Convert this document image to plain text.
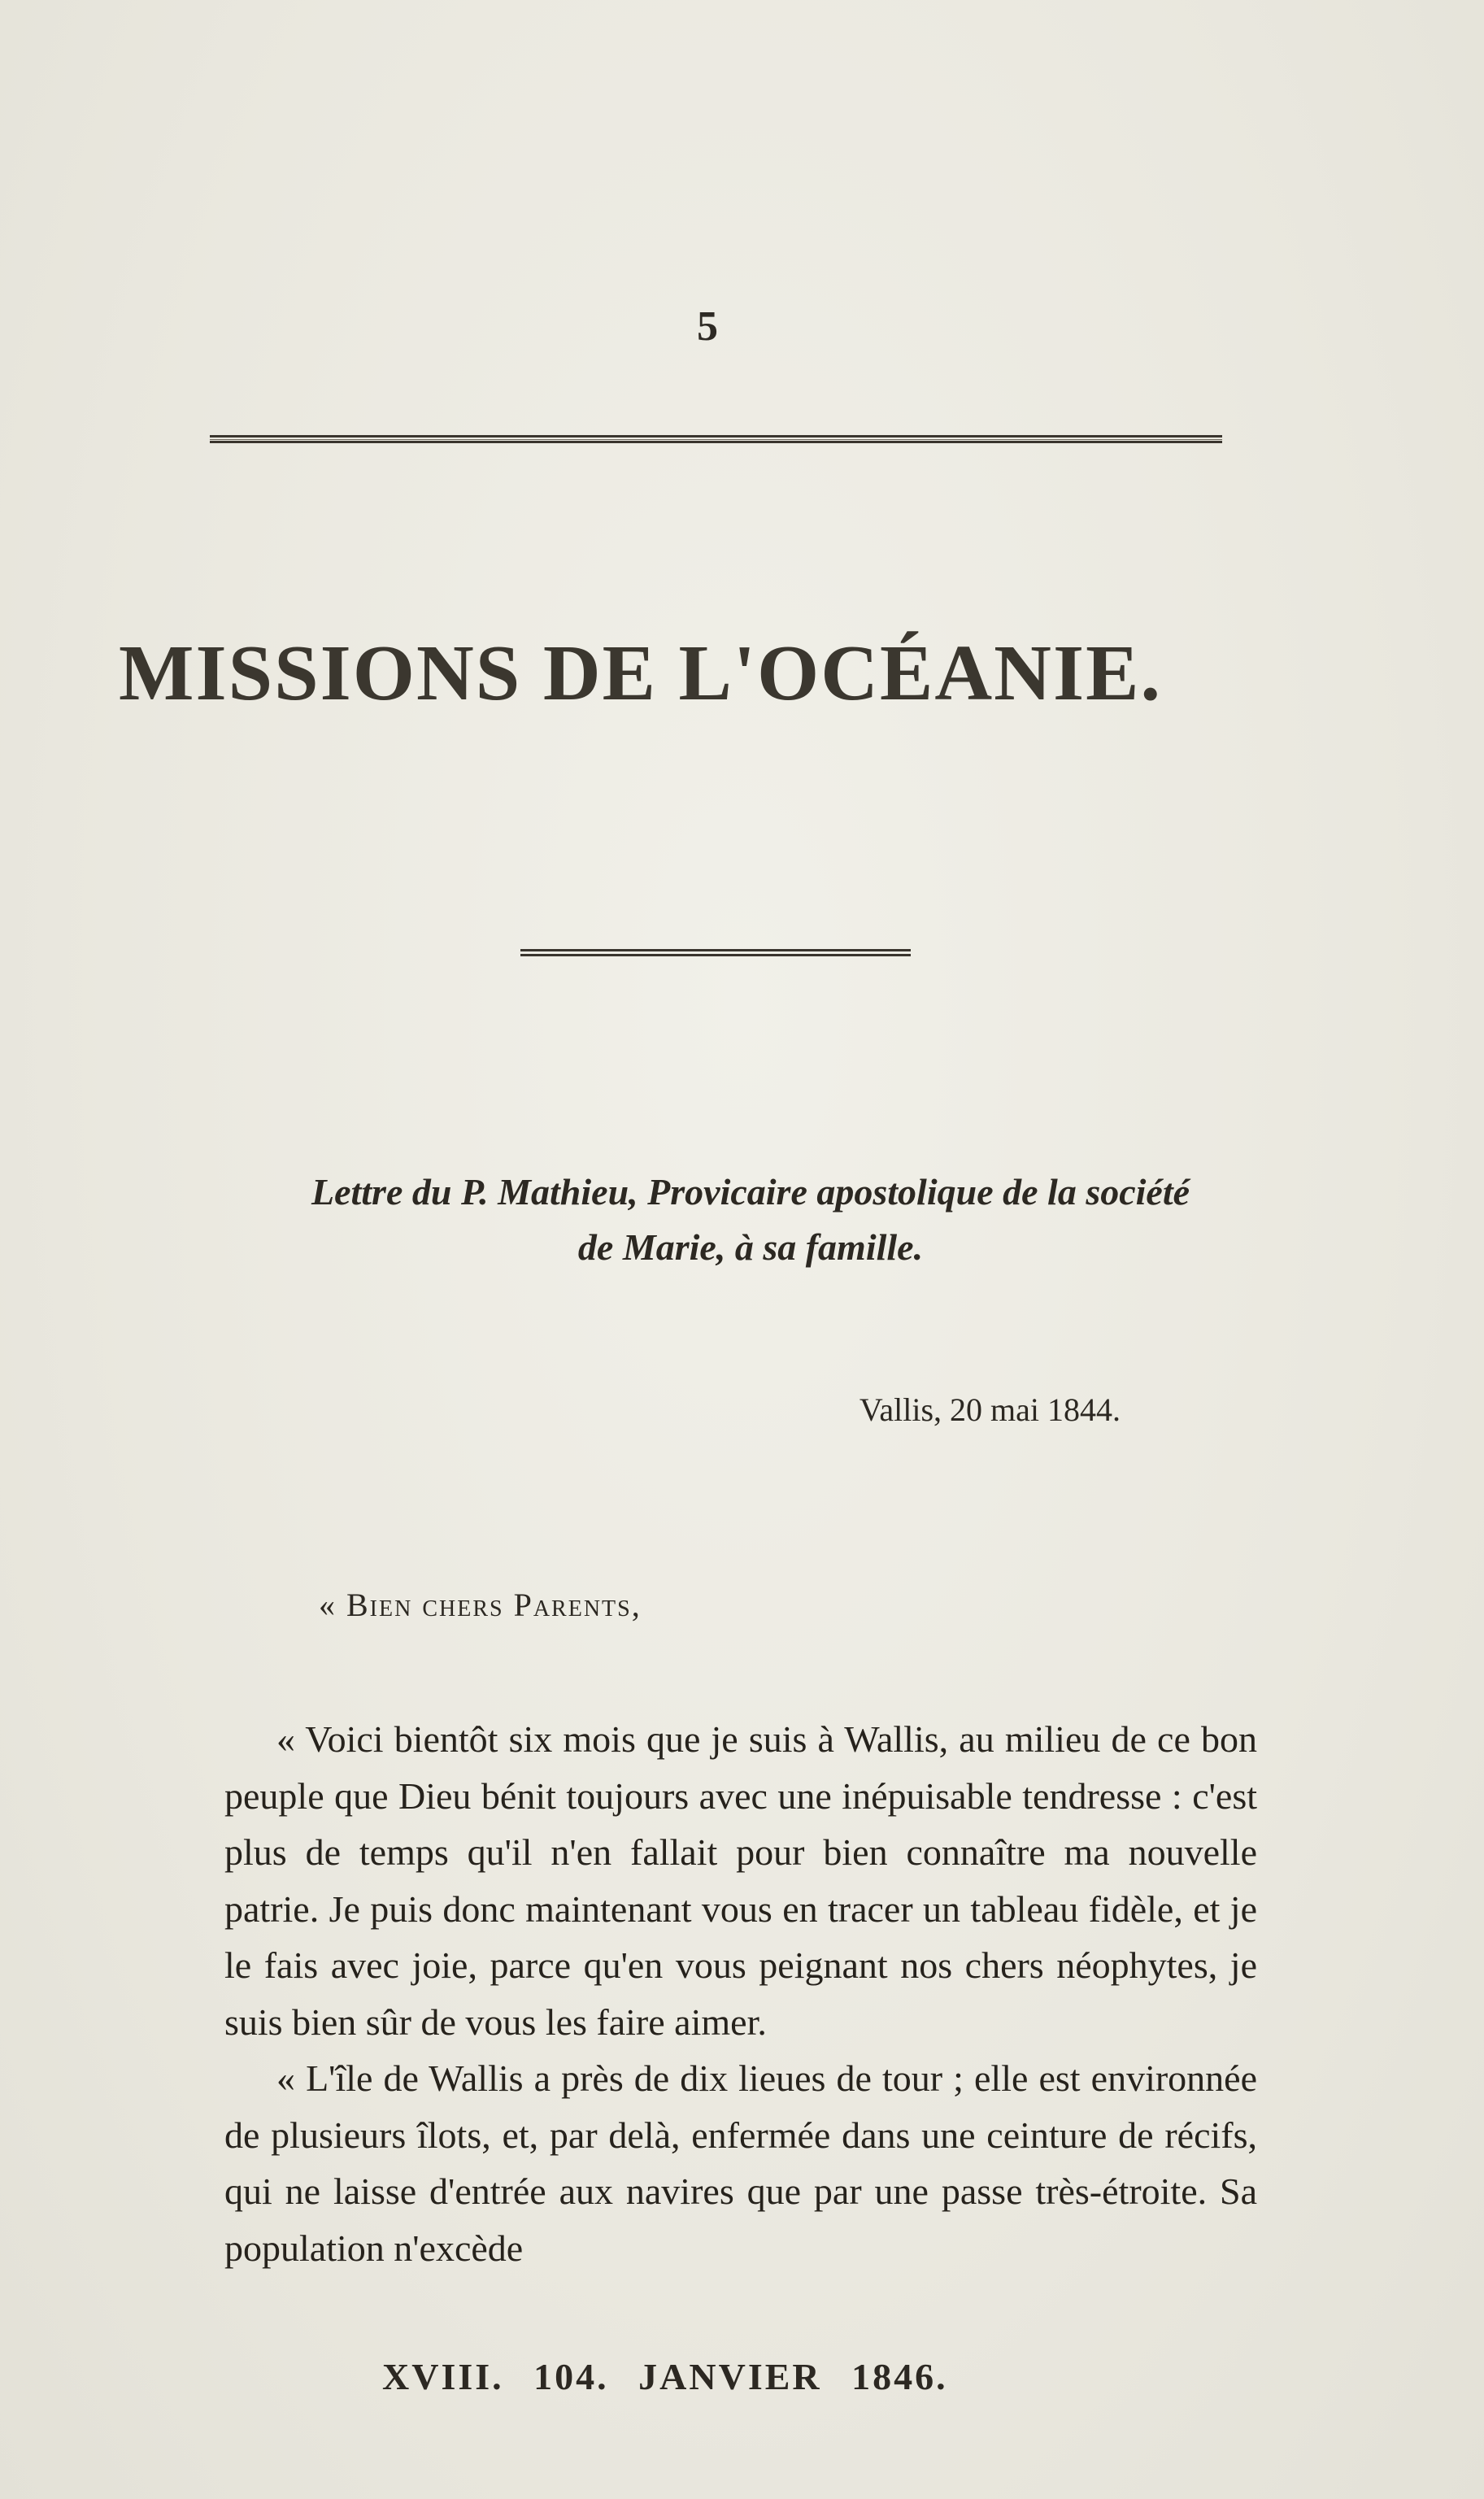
5
MISSIONS DE L'OCÉANIE.
Lettre du P. Mathieu, Provicaire apostolique de la société
de Marie, à sa famille.
Vallis, 20 mai 1844.
« Bien chers Parents,

« Voici bientôt six mois que je suis à Wallis, au milieu de ce bon peuple que Dieu bénit toujours avec une inépuisable tendresse : c'est plus de temps qu'il n'en fallait pour bien connaître ma nouvelle patrie. Je puis donc maintenant vous en tracer un tableau fidèle, et je le fais avec joie, parce qu'en vous peignant nos chers néophytes, je suis bien sûr de vous les faire aimer.

« L'île de Wallis a près de dix lieues de tour ; elle est environnée de plusieurs îlots, et, par delà, enfermée dans une ceinture de récifs, qui ne laisse d'entrée aux navires que par une passe très-étroite. Sa population n'excède

XVIII. 104. JANVIER 1846.
